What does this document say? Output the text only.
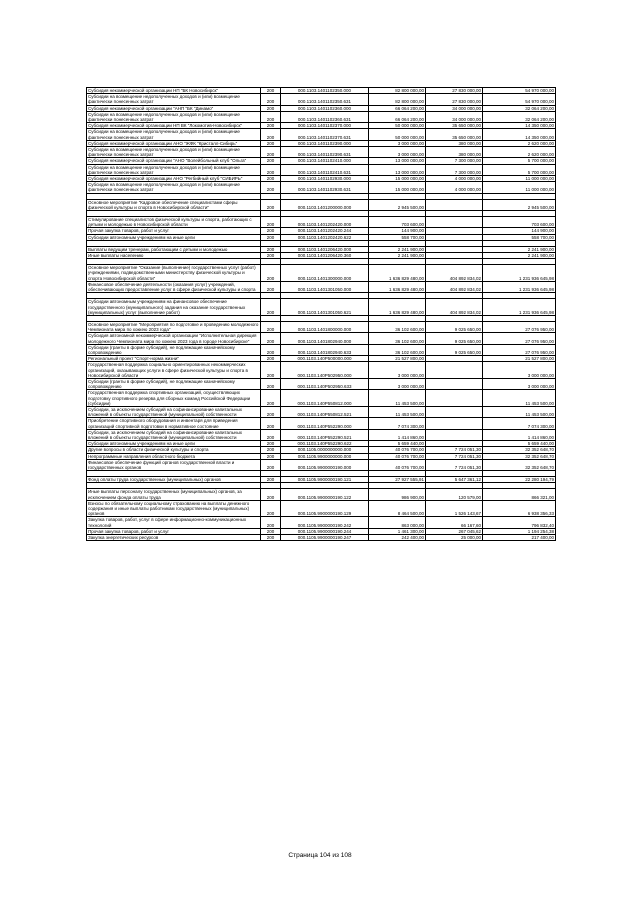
Субсидия некоммерческой организации НП "БК Новосибирск"	200	000.1103.1401102350.000	82 800 000,00	27 830 000,00	54 970 000,00
Субсидии на возмещение недополученных доходов и (или) возмещение фактически понесенных затрат	200	000.1103.1401102350.631	82 800 000,00	27 830 000,00	54 970 000,00
Субсидия некоммерческой организации "АНП "БК "Динамо"	200	000.1103.1401102360.000	66 064 200,00	34 000 000,00	32 064 200,00
Субсидии на возмещение недополученных доходов и (или) возмещение фактически понесенных затрат	200	000.1103.1401102360.631	66 064 200,00	34 000 000,00	32 064 200,00
Субсидия некоммерческой организации НП ВК "Локомотив-Новосибирск"	200	000.1103.1401102370.000	50 000 000,00	35 650 000,00	14 350 000,00
Субсидии на возмещение недополученных доходов и (или) возмещение фактически понесенных затрат	200	000.1103.1401102370.631	50 000 000,00	35 650 000,00	14 350 000,00
Субсидия некоммерческой организации АНО "ЖФК "Кристалл-Сибирь"	200	000.1103.1401102390.000	3 000 000,00	380 000,00	2 620 000,00
Субсидии на возмещение недополученных доходов и (или) возмещение фактически понесенных затрат	200	000.1103.1401102390.631	3 000 000,00	380 000,00	2 620 000,00
Субсидия некоммерческой организации "АНО "Волейбольный клуб "Ольга"	200	000.1103.1401102410.000	13 000 000,00	7 300 000,00	5 700 000,00
Субсидии на возмещение недополученных доходов и (или) возмещение фактически понесенных затрат	200	000.1103.1401102410.631	13 000 000,00	7 300 000,00	5 700 000,00
Субсидия некоммерческой организации АНО "Регбийный клуб "СИБИРЬ"	200	000.1103.1401102930.000	15 000 000,00	4 000 000,00	11 000 000,00
Субсидии на возмещение недополученных доходов и (или) возмещение фактически понесенных затрат	200	000.1103.1401102930.631	15 000 000,00	4 000 000,00	11 000 000,00

Основное мероприятие "Кадровое обеспечение специалистами сферы физической культуры и спорта в Новосибирской области"	200	000.1103.1401200000.000	2 945 500,00		2 945 500,00

Стимулирование специалистов физической культуры и спорта, работающих с детьми и молодежью в Новосибирской области	200	000.1103.1401202420.000	703 600,00		703 600,00
Прочая закупка товаров, работ и услуг	200	000.1103.1401202420.244	144 900,00		144 900,00
Субсидии автономным учреждениям на иные цели	200	000.1103.1401202420.622	558 700,00		558 700,00

Выплаты ведущим тренерам, работающим с детьми и молодежью	200	000.1103.1401206420.000	2 241 900,00		2 241 900,00
Иные выплаты населению	200	000.1103.1401206420.360	2 241 900,00		2 241 900,00

Основное мероприятие "Оказание (выполнение) государственных услуг (работ) учреждениями, подведомственными министерству физической культуры и спорта Новосибирской области"	200	000.1103.1401300000.000	1 636 829 480,00	404 892 834,02	1 231 936 645,98
Финансовое обеспечение деятельности (оказания услуг) учреждений, обеспечивающих предоставление услуг в сфере физической культуры и спорта	200	000.1103.1401301050.000	1 636 829 480,00	404 892 834,02	1 231 936 645,98

Субсидии автономным учреждениям на финансовое обеспечение государственного (муниципального) задания на оказание государственных (муниципальных) услуг (выполнение работ)	200	000.1103.1401301050.621	1 636 829 480,00	404 892 834,02	1 231 936 645,98

Основное мероприятие "Мероприятия по подготовке и проведению молодежного Чемпионата мира по хоккею 2023 года"	200	000.1103.1401800000.000	36 102 600,00	9 025 650,00	27 076 950,00
Субсидия автономной некоммерческой организации "Исполнительная дирекция молодежного Чемпионата мира по хоккею 2023 года в городе Новосибирске"	200	000.1103.1401802940.000	36 102 600,00	9 025 650,00	27 076 950,00
Субсидии (гранты в форме субсидий), не подлежащие казначейскому сопровождению	200	000.1103.1401802940.633	36 102 600,00	9 025 650,00	27 076 950,00
Региональный проект "Спорт-норма жизни"	200	000.1103.140P500000.000	21 527 800,00		21 527 800,00
Государственная поддержка социально ориентированных некоммерческих организаций, оказывающих услуги в сфере физической культуры и спорта в Новосибирской области	200	000.1103.140P502950.000	3 000 000,00		3 000 000,00
Субсидии (гранты в форме субсидий), не подлежащие казначейскому сопровождению	200	000.1103.140P502950.633	3 000 000,00		3 000 000,00
Государственная поддержка спортивных организаций, осуществляющих подготовку спортивного резерва для сборных команд Российской Федерации (субсидии)	200	000.1103.140P550812.000	11 453 500,00		11 453 500,00
Субсидии, за исключением субсидий на софинансирование капитальных вложений в объекты государственной (муниципальной) собственности	200	000.1103.140P550812.521	11 453 500,00		11 453 500,00
Приобретение спортивного оборудования и инвентаря для приведения организаций спортивной подготовки в нормативное состояние	200	000.1103.140P552290.000	7 074 300,00		7 074 300,00
Субсидии, за исключением субсидий на софинансирование капитальных вложений в объекты государственной (муниципальной) собственности	200	000.1103.140P552290.521	1 414 860,00		1 414 860,00
Субсидии автономным учреждениям на иные цели	200	000.1103.140P552290.622	5 659 440,00		5 659 440,00
Другие вопросы в области физической культуры и спорта	200	000.1105.0000000000.000	40 076 700,00	7 724 051,30	32 352 648,70
Непрограммные направления областного бюджета	200	000.1105.9900000000.000	40 076 700,00	7 724 051,30	32 352 648,70
Финансовое обеспечение функций органов государственной власти и государственных органов	200	000.1105.9900000190.000	40 076 700,00	7 724 051,30	32 352 648,70

Фонд оплаты труда государственных (муниципальных) органов	200	000.1105.9900000190.121	27 927 555,91	5 647 361,12	22 280 194,79

Иные выплаты персоналу государственных (муниципальных) органов, за исключением фонда оплаты труда	200	000.1105.9900000190.122	986 900,00	120 579,00	866 321,00
Взносы по обязательному социальному страхованию на выплаты денежного содержания и иные выплаты работникам государственных (муниципальных) органов	200	000.1105.9900000190.129	8 464 500,00	1 526 143,67	6 938 356,33
Закупка товаров, работ, услуг в сфере информационно-коммуникационных технологий	200	000.1105.9900000190.242	863 000,00	66 167,60	796 832,40
Прочая закупка товаров, работ и услуг	200	000.1105.9900000190.244	1 461 300,00	267 045,62	1 194 254,38
Закупка энергетических ресурсов	200	000.1105.9900000190.247	242 400,00	25 000,00	217 400,00
Страница 104 из 108
